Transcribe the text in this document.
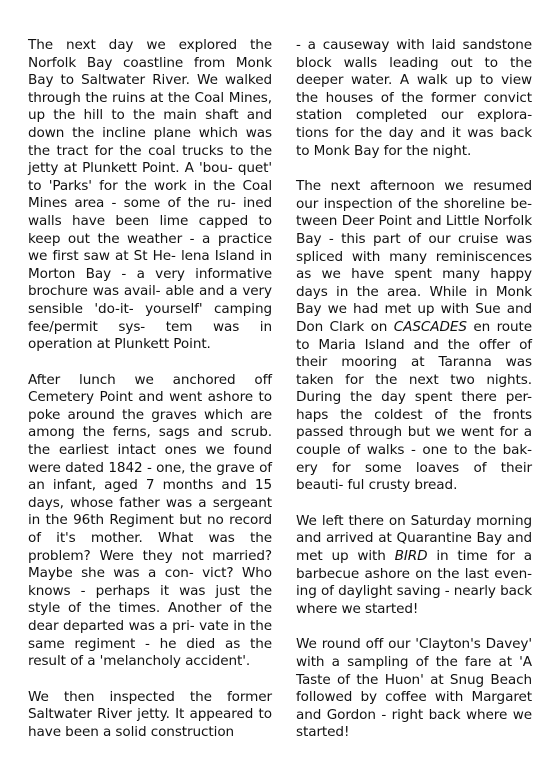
The next day we explored the Norfolk Bay coastline from Monk Bay to Saltwater River. We walked through the ruins at the Coal Mines, up the hill to the main shaft and down the incline plane which was the tract for the coal trucks to the jetty at Plunkett Point. A 'bou- quet' to 'Parks' for the work in the Coal Mines area - some of the ru- ined walls have been lime capped to keep out the weather - a practice we first saw at St He- lena Island in Morton Bay - a very informative brochure was avail- able and a very sensible 'do-it- yourself' camping fee/permit sys- tem was in operation at Plunkett Point.

After lunch we anchored off Cemetery Point and went ashore to poke around the graves which are among the ferns, sags and scrub. the earliest intact ones we found were dated 1842 - one, the grave of an infant, aged 7 months and 15 days, whose father was a sergeant in the 96th Regiment but no record of it's mother. What was the problem? Were they not married? Maybe she was a con- vict? Who knows - perhaps it was just the style of the times. Another of the dear departed was a pri- vate in the same regiment - he died as the result of a 'melancholy accident'.

We then inspected the former Saltwater River jetty. It appeared to have been a solid construction

- a causeway with laid sandstone block walls leading out to the deeper water. A walk up to view the houses of the former convict station completed our explora- tions for the day and it was back to Monk Bay for the night.

The next afternoon we resumed our inspection of the shoreline be- tween Deer Point and Little Norfolk Bay - this part of our cruise was spliced with many reminiscences as we have spent many happy days in the area. While in Monk Bay we had met up with Sue and Don Clark on CASCADES en route to Maria Island and the offer of their mooring at Taranna was taken for the next two nights. During the day spent there per- haps the coldest of the fronts passed through but we went for a couple of walks - one to the bak- ery for some loaves of their beauti- ful crusty bread.

We left there on Saturday morning and arrived at Quarantine Bay and met up with BIRD in time for a barbecue ashore on the last even- ing of daylight saving - nearly back where we started!

We round off our 'Clayton's Davey' with a sampling of the fare at 'A Taste of the Huon' at Snug Beach followed by coffee with Margaret and Gordon - right back where we started!
